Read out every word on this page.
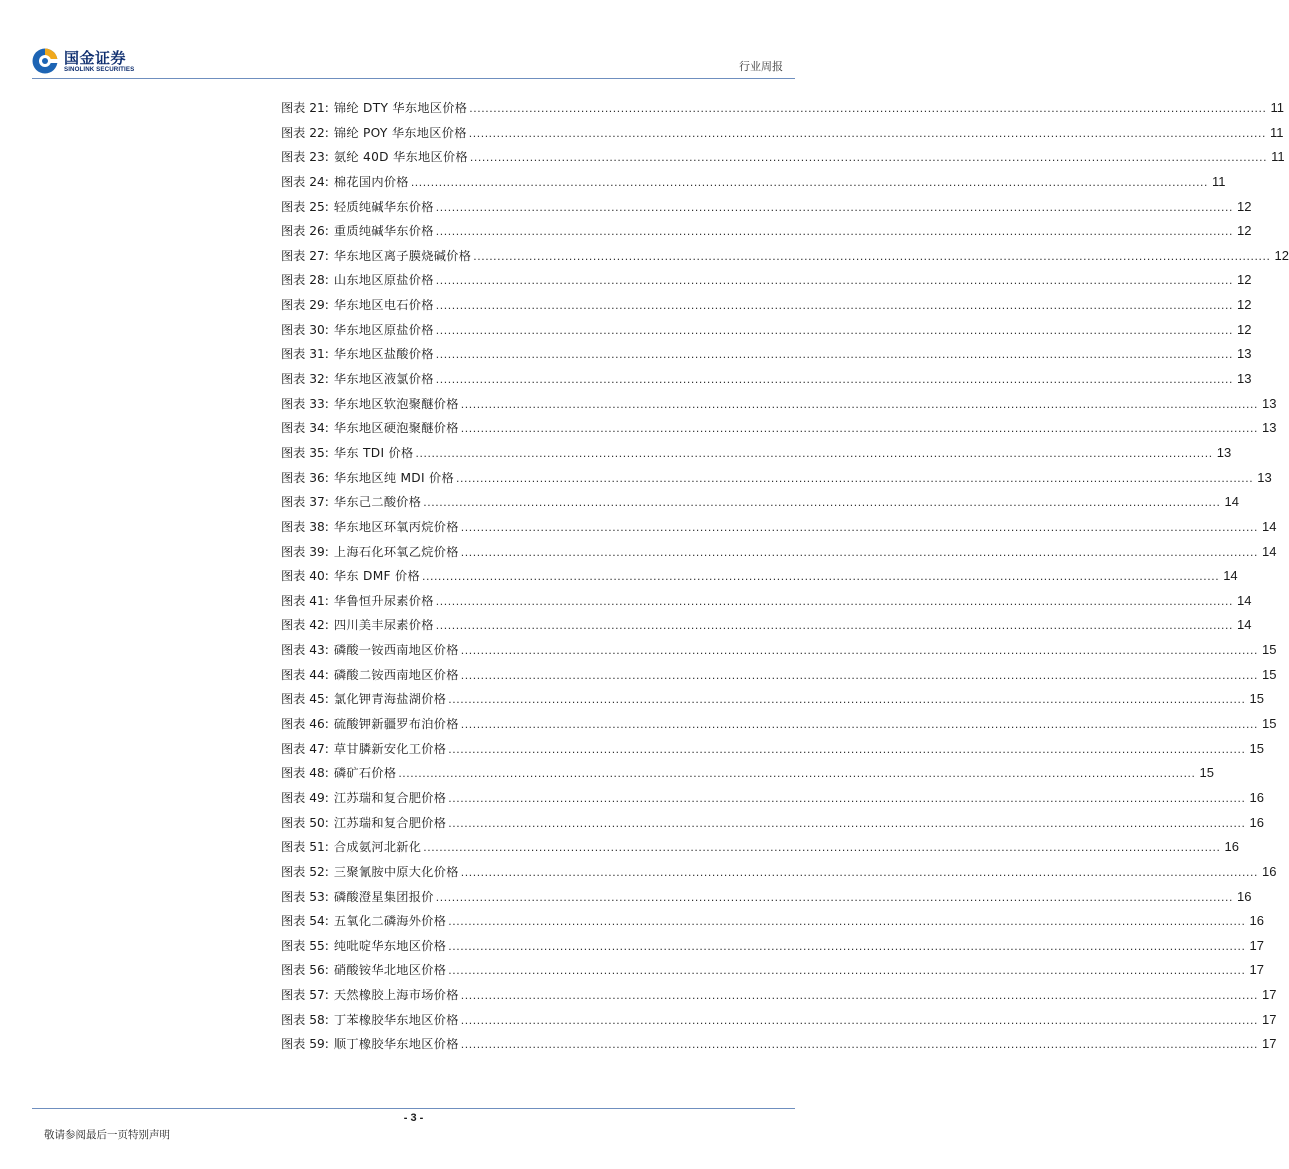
国金证券
SINOLINK SECURITIES	行业周报
图表 21 : 锦纶 DTY 华东地区价格 ........................................................................................................................................................................................................ 11
图表 22 : 锦纶 POY 华东地区价格 ........................................................................................................................................................................................................ 11
图表 23 : 氨纶 40D 华东地区价格 ........................................................................................................................................................................................................ 11
图表 24 : 棉花国内价格 ........................................................................................................................................................................................................ 11
图表 25 : 轻质纯碱华东价格 ........................................................................................................................................................................................................ 12
图表 26 : 重质纯碱华东价格 ........................................................................................................................................................................................................ 12
图表 27 : 华东地区离子膜烧碱价格 ........................................................................................................................................................................................................ 12
图表 28 : 山东地区原盐价格 ........................................................................................................................................................................................................ 12
图表 29 : 华东地区电石价格 ........................................................................................................................................................................................................ 12
图表 30 : 华东地区原盐价格 ........................................................................................................................................................................................................ 12
图表 31 : 华东地区盐酸价格 ........................................................................................................................................................................................................ 13
图表 32 : 华东地区液氯价格 ........................................................................................................................................................................................................ 13
图表 33 : 华东地区软泡聚醚价格 ........................................................................................................................................................................................................ 13
图表 34 : 华东地区硬泡聚醚价格 ........................................................................................................................................................................................................ 13
图表 35 : 华东 TDI 价格 ........................................................................................................................................................................................................ 13
图表 36 : 华东地区纯 MDI 价格 ........................................................................................................................................................................................................ 13
图表 37 : 华东己二酸价格 ........................................................................................................................................................................................................ 14
图表 38 : 华东地区环氧丙烷价格 ........................................................................................................................................................................................................ 14
图表 39 : 上海石化环氧乙烷价格 ........................................................................................................................................................................................................ 14
图表 40 : 华东 DMF 价格 ........................................................................................................................................................................................................ 14
图表 41 : 华鲁恒升尿素价格 ........................................................................................................................................................................................................ 14
图表 42 : 四川美丰尿素价格 ........................................................................................................................................................................................................ 14
图表 43 : 磷酸一铵西南地区价格 ........................................................................................................................................................................................................ 15
图表 44 : 磷酸二铵西南地区价格 ........................................................................................................................................................................................................ 15
图表 45 : 氯化钾青海盐湖价格 ........................................................................................................................................................................................................ 15
图表 46 : 硫酸钾新疆罗布泊价格 ........................................................................................................................................................................................................ 15
图表 47 : 草甘膦新安化工价格 ........................................................................................................................................................................................................ 15
图表 48 : 磷矿石价格 ........................................................................................................................................................................................................ 15
图表 49 : 江苏瑞和复合肥价格 ........................................................................................................................................................................................................ 16
图表 50 : 江苏瑞和复合肥价格 ........................................................................................................................................................................................................ 16
图表 51 : 合成氨河北新化 ........................................................................................................................................................................................................ 16
图表 52 : 三聚氰胺中原大化价格 ........................................................................................................................................................................................................ 16
图表 53 : 磷酸澄星集团报价 ........................................................................................................................................................................................................ 16
图表 54 : 五氧化二磷海外价格 ........................................................................................................................................................................................................ 16
图表 55 : 纯吡啶华东地区价格 ........................................................................................................................................................................................................ 17
图表 56 : 硝酸铵华北地区价格 ........................................................................................................................................................................................................ 17
图表 57 : 天然橡胶上海市场价格 ........................................................................................................................................................................................................ 17
图表 58 : 丁苯橡胶华东地区价格 ........................................................................................................................................................................................................ 17
图表 59 : 顺丁橡胶华东地区价格 ........................................................................................................................................................................................................ 17
- 3 -
敬请参阅最后一页特别声明
